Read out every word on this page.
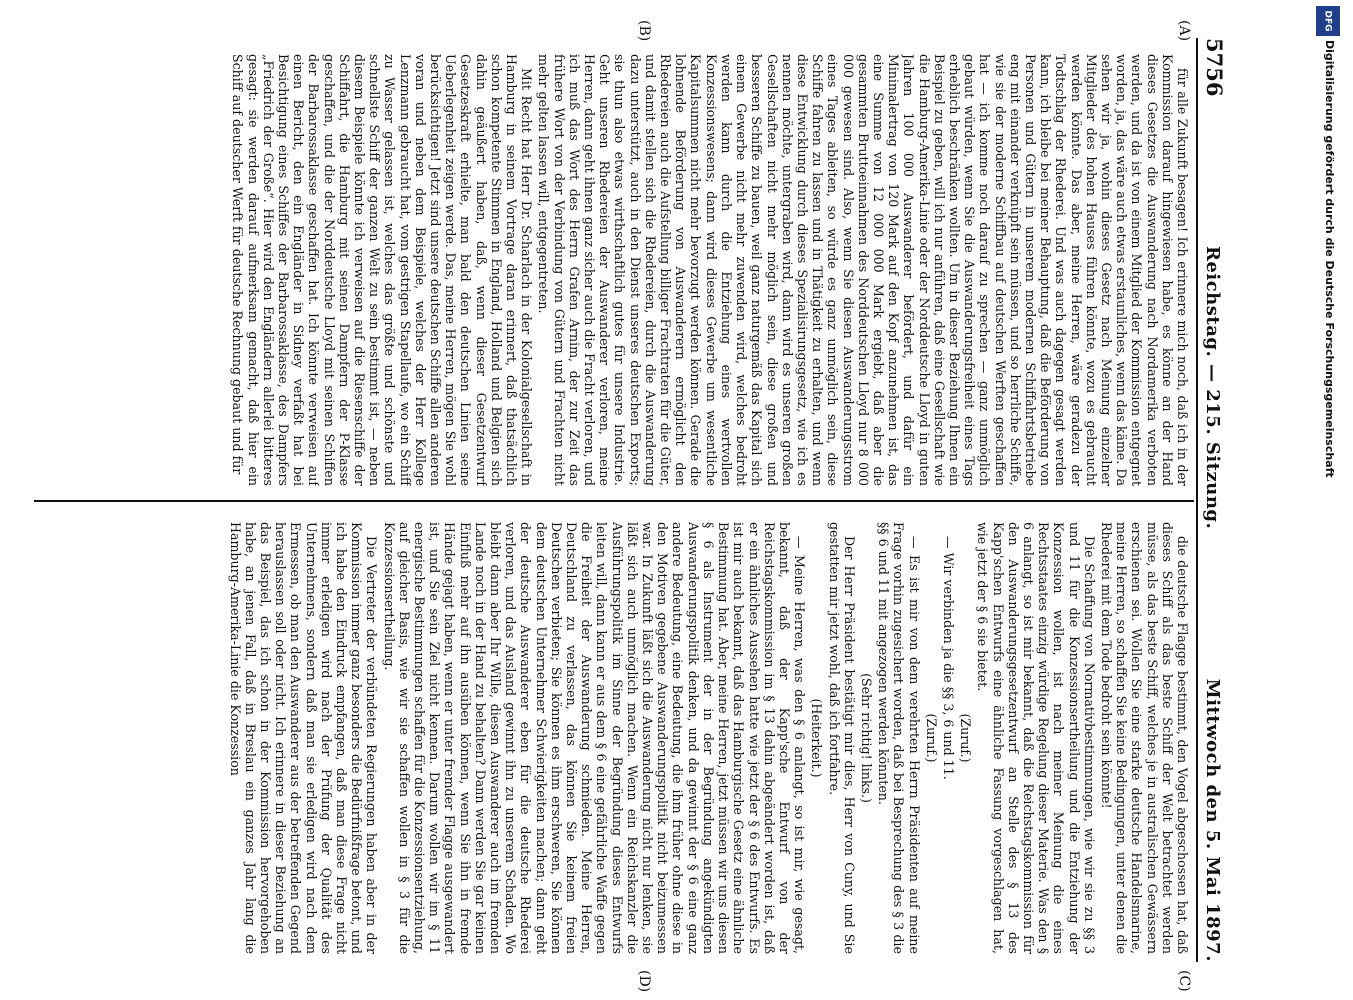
5756
Reichstag. — 215. Sitzung.
Mittwoch den 5. Mai 1897.
(A)
(B)
(C)
(D)

für alle Zukunft besagen! Ich erinnere mich noch, daß ich in der Kommission darauf hingewiesen habe, es könne an der Hand dieses Gesetzes die Auswanderung nach Nordamerika verboten werden, und da ist von einem Mitglied der Kommission entgegnet worden, ja, das wäre auch etwas erstaunliches, wenn das käme. Da sehen wir ja, wohin dieses Gesetz nach Meinung einzelner Mitglieder des hohen Hauses führen könnte, wozu es gebraucht werden könnte. Das aber, meine Herren, wäre geradezu der Todtschlag der Rhederei. Und was auch dagegen gesagt werden kann, ich bleibe bei meiner Behauptung, daß die Beförderung von Personen und Gütern in unserem modernen Schiffahrtsbetriebe eng mit einander verknüpft sein müssen, und so herrliche Schiffe, wie sie der moderne Schiffbau auf deutschen Werften geschaffen hat — ich komme noch darauf zu sprechen — ganz unmöglich gebaut würden, wenn Sie die Auswanderungsfreiheit eines Tags erheblich beschränken wollten. Um in dieser Beziehung Ihnen ein Beispiel zu geben, will ich nur anführen, daß eine Gesellschaft wie die Hamburg-Amerika-Linie oder der Norddeutsche Lloyd in guten Jahren 100 000 Auswanderer befördert, und dafür ein Minimalertrag von 120 Mark auf den Kopf anzunehmen ist, das eine Summe von 12 000 000 Mark ergiebt, daß aber die gesammten Bruttoeinnahmen des Norddeutschen Lloyd nur 8 000 000 gewesen sind. Also, wenn Sie diesen Auswanderungsstrom eines Tages ableiten, so würde es ganz unmöglich sein, diese Schiffe fahren zu lassen und in Thätigkeit zu erhalten, und wenn diese Entwicklung durch dieses Spezialisirungsgesetz, wie ich es nennen möchte, untergraben wird, dann wird es unseren großen Gesellschaften nicht mehr möglich sein, diese großen und besseren Schiffe zu bauen, weil ganz naturgemäß das Kapital sich einem Gewerbe nicht mehr zuwenden wird, welches bedroht werden kann durch die Entziehung eines wertvollen Konzessionswesens; dann wird dieses Gewerbe um wesentliche Kapitalsummen nicht mehr bevorzugt werden können. Gerade die lohnende Beförderung von Auswanderern ermöglicht den Rhedereien auch die Aufstellung billiger Frachtraten für die Güter, und damit stellen sich die Rhedereien, durch die Auswanderung dazu unterstützt, auch in den Dienst unseres deutschen Exports; sie thun also etwas wirthschaftlich gutes für unsere Industrie. Geht unseren Rhedereien der Auswanderer verloren, meine Herren, dann geht ihnen ganz sicher auch die Fracht verloren, und ich muß das Wort des Herrn Grafen Arnim, der zur Zeit das frühere Wort von der Verbindung von Gütern und Frachten nicht mehr gelten lassen will, entgegentreten.

Mit Recht hat Herr Dr. Scharlach in der Kolonialgesellschaft in Hamburg in seinem Vortrage daran erinnert, daß thatsächlich schon kompetente Stimmen in England, Holland und Belgien sich dahin geäußert haben, daß, wenn dieser Gesetzentwurf Gesetzeskraft erhielte, man bald den deutschen Linien seine Ueberlegenheit zeigen werde. Das, meine Herren, mögen Sie wohl berücksichtigen! Jetzt sind unsere deutschen Schiffe allen anderen voran und neben dem Beispiele, welches der Herr Kollege Lenzmann gebraucht hat, vom gestrigen Stapellaufe, wo ein Schiff zu Wasser gelassen ist, welches das größte und schönste und schnellste Schiff der ganzen Welt zu sein bestimmt ist, — neben diesem Beispiele könnte ich verweisen auf die Riesenschiffe der Schiffahrt, die Hamburg mit seinen Dampfern der P-Klasse geschaffen, und die der Norddeutsche Lloyd mit seinen Schiffen der Barbarossaklasse geschaffen hat. Ich könnte verweisen auf einen Bericht, den ein Engländer in Sidney verfaßt hat bei Besichtigung eines Schiffes der Barbarossaklasse, des Dampfers „Friedrich der Große“. Hier wird den Engländern allerlei bitteres gesagt: sie werden darauf aufmerksam gemacht, daß hier ein Schiff auf deutscher Werft für deutsche Rechnung gebaut und für

die deutsche Flagge bestimmt, den Vogel abgeschossen hat, daß dieses Schiff als das beste Schiff der Welt betrachtet werden müsse, als das beste Schiff, welches je in australischen Gewässern erschienen sei. Wollen Sie eine starke deutsche Handelsmarine, meine Herren, so schaffen Sie keine Bedingungen, unter denen die Rhederei mit dem Tode bedroht sein könnte!

Die Schaffung von Normativbestimmungen, wie wir sie zu §§ 3 und 11 für die Konzessionsertheilung und die Entziehung der Konzession wollen, ist nach meiner Meinung die eines Rechtsstaates einzig würdige Regelung dieser Materie. Was den § 6 anlangt, so ist mir bekannt, daß die Reichstagskommission für den Auswanderungsgesetzentwurf an Stelle des § 13 des Kapp'schen Entwurfs eine ähnliche Fassung vorgeschlagen hat, wie jetzt der § 6 sie bietet.

(Zuruf.)

— Wir verbinden ja die §§ 3, 6 und 11.

(Zuruf.)

— Es ist mir von dem verehrten Herrn Präsidenten auf meine Frage vorhin zugesichert worden, daß bei Besprechung des § 3 die §§ 6 und 11 mit angezogen werden könnten.

(Sehr richtig! links.)

Der Herr Präsident bestätigt mir dies, Herr von Cuny, und Sie gestatten mir jetzt wohl, daß ich fortfahre.

(Heiterkeit.)

— Meine Herren, was den § 6 anlangt, so ist mir, wie gesagt, bekannt, daß der Kapp'sche Entwurf von der Reichstagskommission im § 13 dahin abgeändert worden ist, daß er ein ähnliches Aussehen hatte wie jetzt der § 6 des Entwurfs. Es ist mir auch bekannt, daß das Hamburgische Gesetz eine ähnliche Bestimmung hat. Aber, meine Herren, jetzt müssen wir uns diesen § 6 als Instrument der in der Begründung angekündigten Auswanderungspolitik denken, und da gewinnt der § 6 eine ganz andere Bedeutung, eine Bedeutung, die ihm früher ohne diese in den Motiven gegebene Auswanderungspolitik nicht beizumessen war. In Zukunft läßt sich die Auswanderung nicht nur lenken, sie läßt sich auch unmöglich machen. Wenn ein Reichskanzler die Ausführungspolitik im Sinne der Begründung dieses Entwurfs leiten will, dann kann er aus dem § 6 eine gefährliche Waffe gegen die Freiheit der Auswanderung schmieden. Meine Herren, Deutschland zu verlassen, das können Sie keinem freien Deutschen verbieten; Sie können es ihm erschweren, Sie können dem deutschen Unternehmer Schwierigkeiten machen; dann geht der deutsche Auswanderer eben für die deutsche Rhederei verloren, und das Ausland gewinnt ihn zu unserem Schaden. Wo bleibt dann aber Ihr Wille, diesen Auswanderer auch im fremden Lande noch in der Hand zu behalten? Dann werden Sie gar keinen Einfluß mehr auf ihn ausüben können, wenn Sie ihn in fremde Hände gejagt haben, wenn er unter fremder Flagge ausgewandert ist, und Sie sein Ziel nicht kennen. Darum wollen wir im § 11 energische Bestimmungen schaffen für die Konzessionsentziehung, auf gleicher Basis, wie wir sie schaffen wollen in § 3 für die Konzessionsertheilung.

Die Vertreter der verbündeten Regierungen haben aber in der Kommission immer ganz besonders die Bedürfnißfrage betont, und ich habe den Eindruck empfangen, daß man diese Frage nicht immer erledigen wird nach der Prüfung der Qualität des Unternehmens, sondern daß man sie erledigen wird nach dem Ermessen, ob man den Auswanderer aus der betreffenden Gegend herauslassen soll oder nicht. Ich erinnere in dieser Beziehung an das Beispiel, das ich schon in der Kommission hervorgehoben habe, an jenen Fall, daß in Breslau ein ganzes Jahr lang die Hamburg-Amerika-Linie die Konzession

DFG
Digitalisierung gefördert durch die Deutsche Forschungsgemeinschaft
